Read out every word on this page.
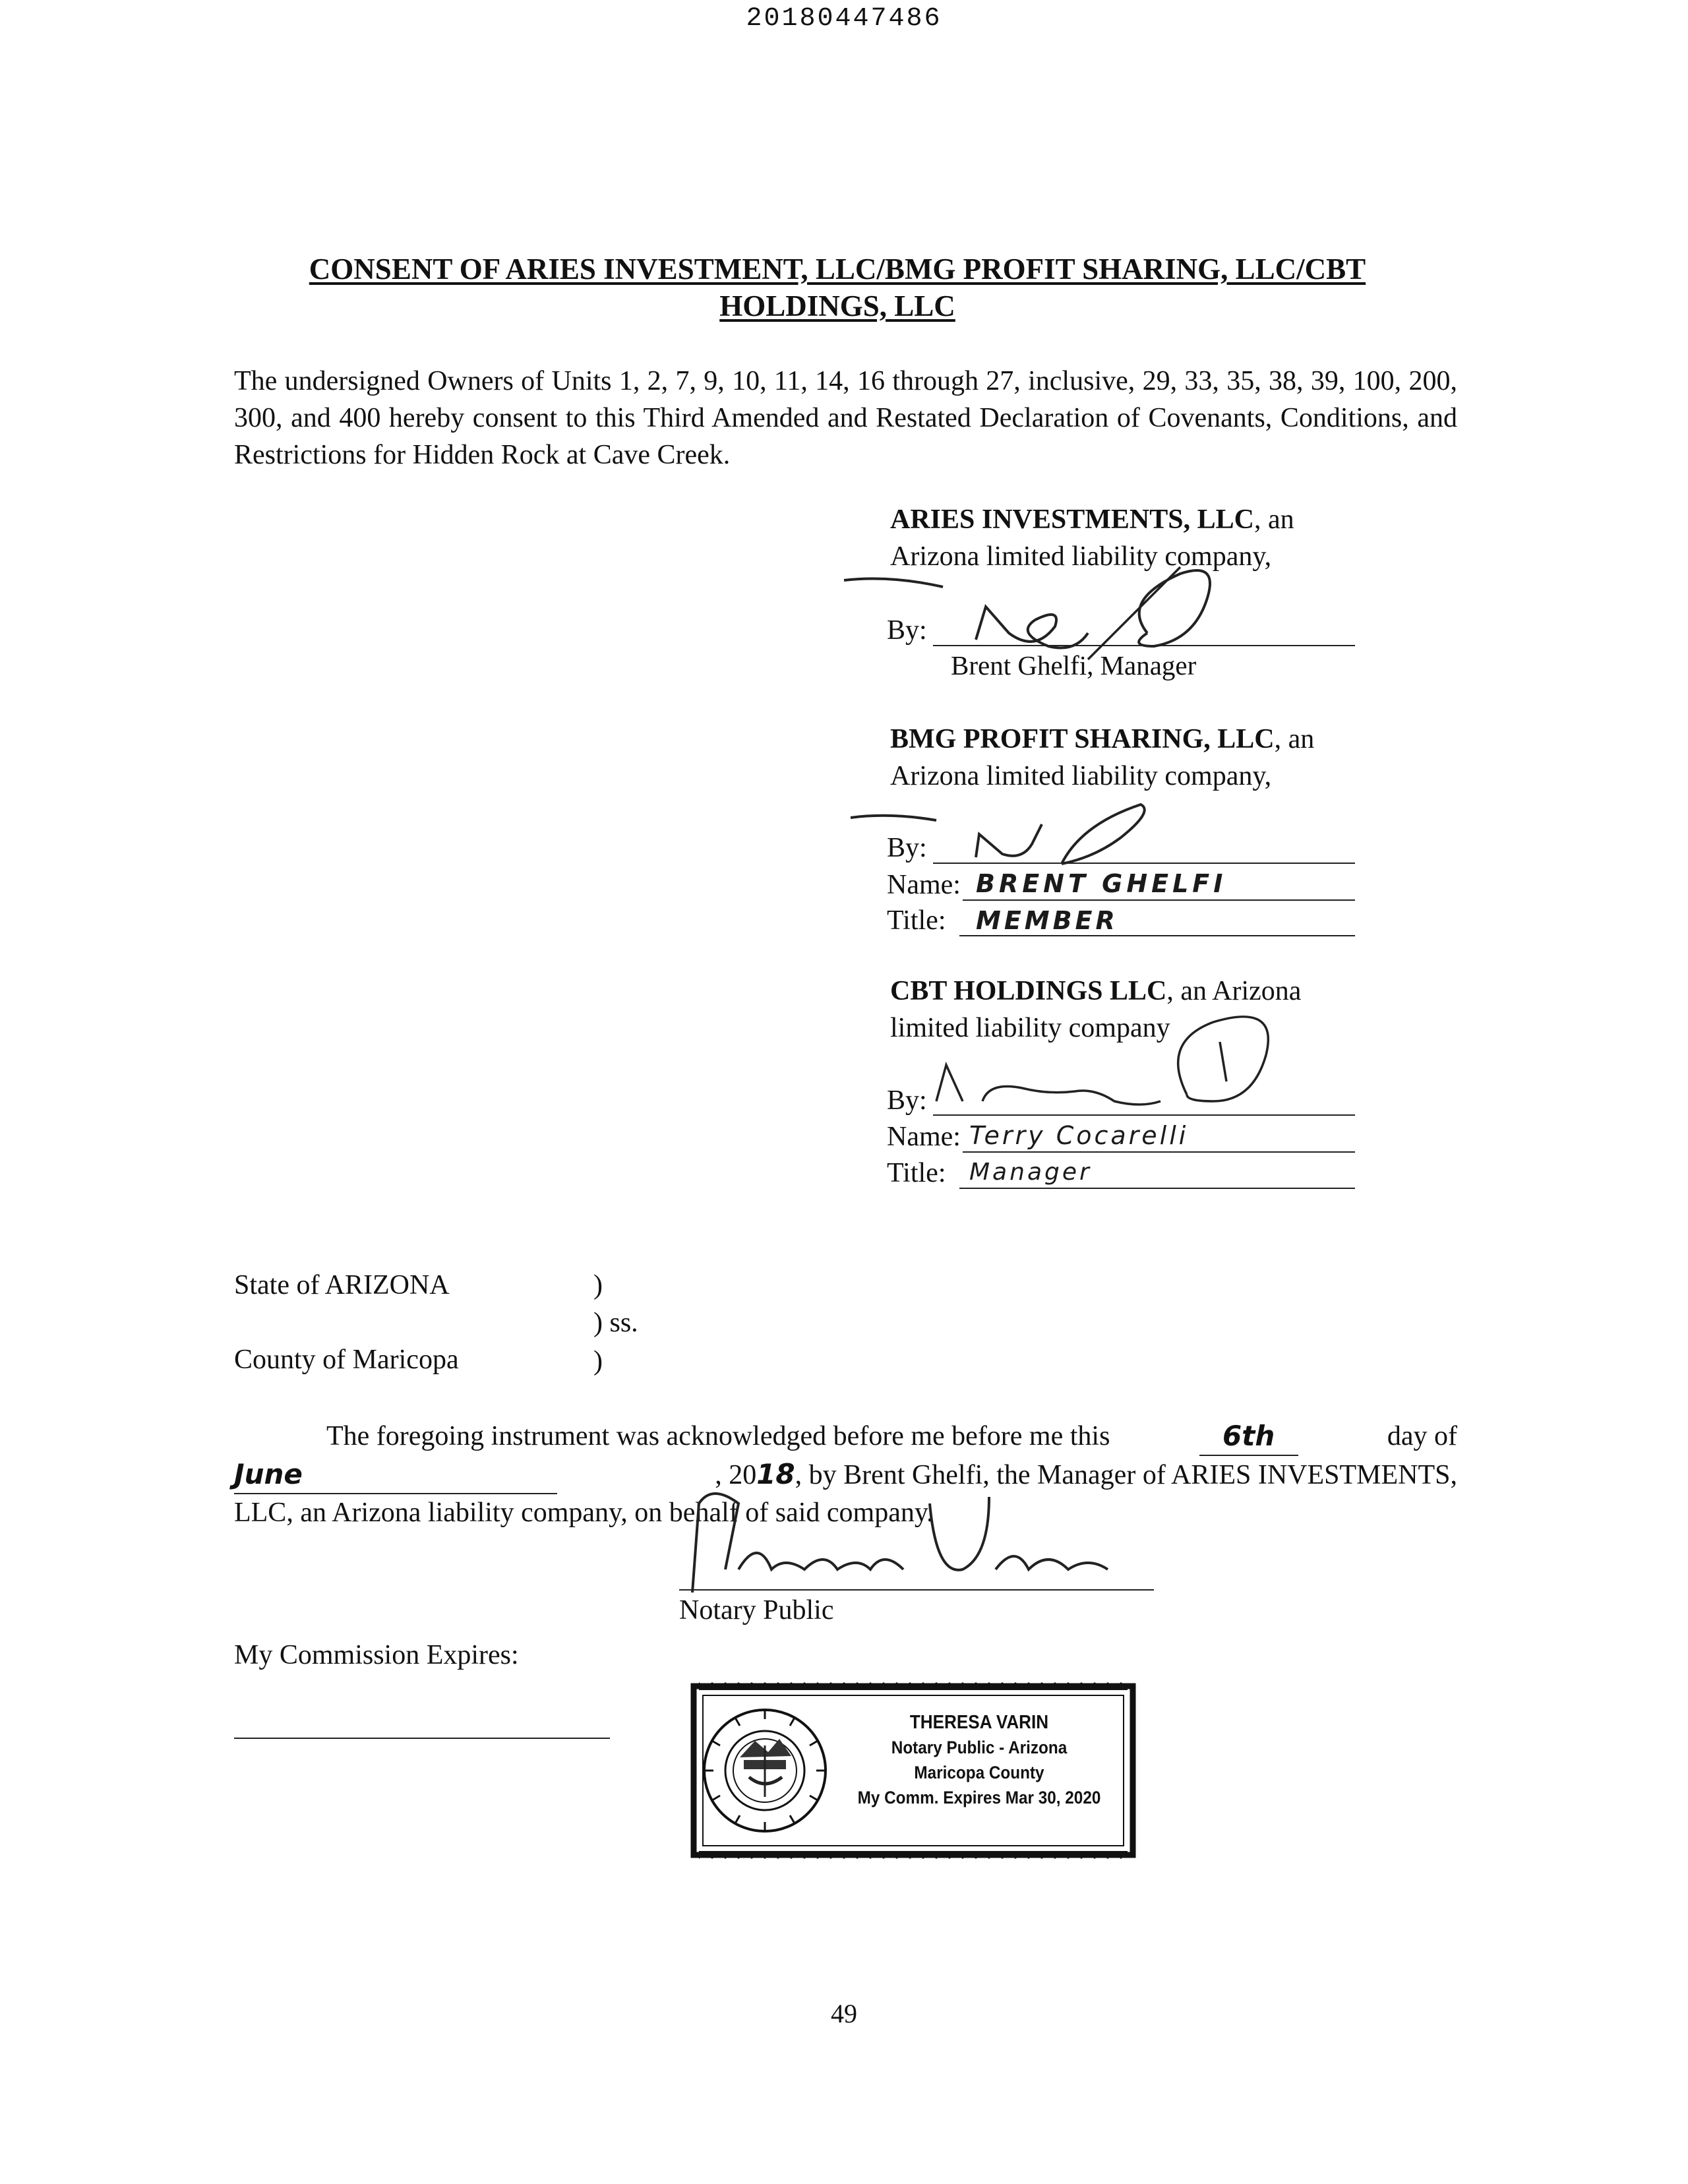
20180447486
CONSENT OF ARIES INVESTMENT, LLC/BMG PROFIT SHARING, LLC/CBT
HOLDINGS, LLC
The undersigned Owners of Units 1, 2, 7, 9, 10, 11, 14, 16 through 27, inclusive, 29, 33, 35, 38, 39, 100, 200, 300, and 400 hereby consent to this Third Amended and Restated Declaration of Covenants, Conditions, and Restrictions for Hidden Rock at Cave Creek.
ARIES INVESTMENTS, LLC, an
Arizona limited liability company,
By:
Brent Ghelfi, Manager
BMG PROFIT SHARING, LLC, an
Arizona limited liability company,
By:
Name: BRENT GHELFI
Title: MEMBER
CBT HOLDINGS LLC, an Arizona
limited liability company
By:
Name: Terry Cocarelli
Title: Manager
State of ARIZONA	)
) ss.
County of Maricopa	)
The foregoing instrument was acknowledged before me before me this	6th	day of
June	, 2018, by Brent Ghelfi, the Manager of ARIES INVESTMENTS,
LLC, an Arizona liability company, on behalf of said company.
Notary Public
My Commission Expires:
THERESA VARIN
Notary Public - Arizona
Maricopa County
My Comm. Expires Mar 30, 2020
49
